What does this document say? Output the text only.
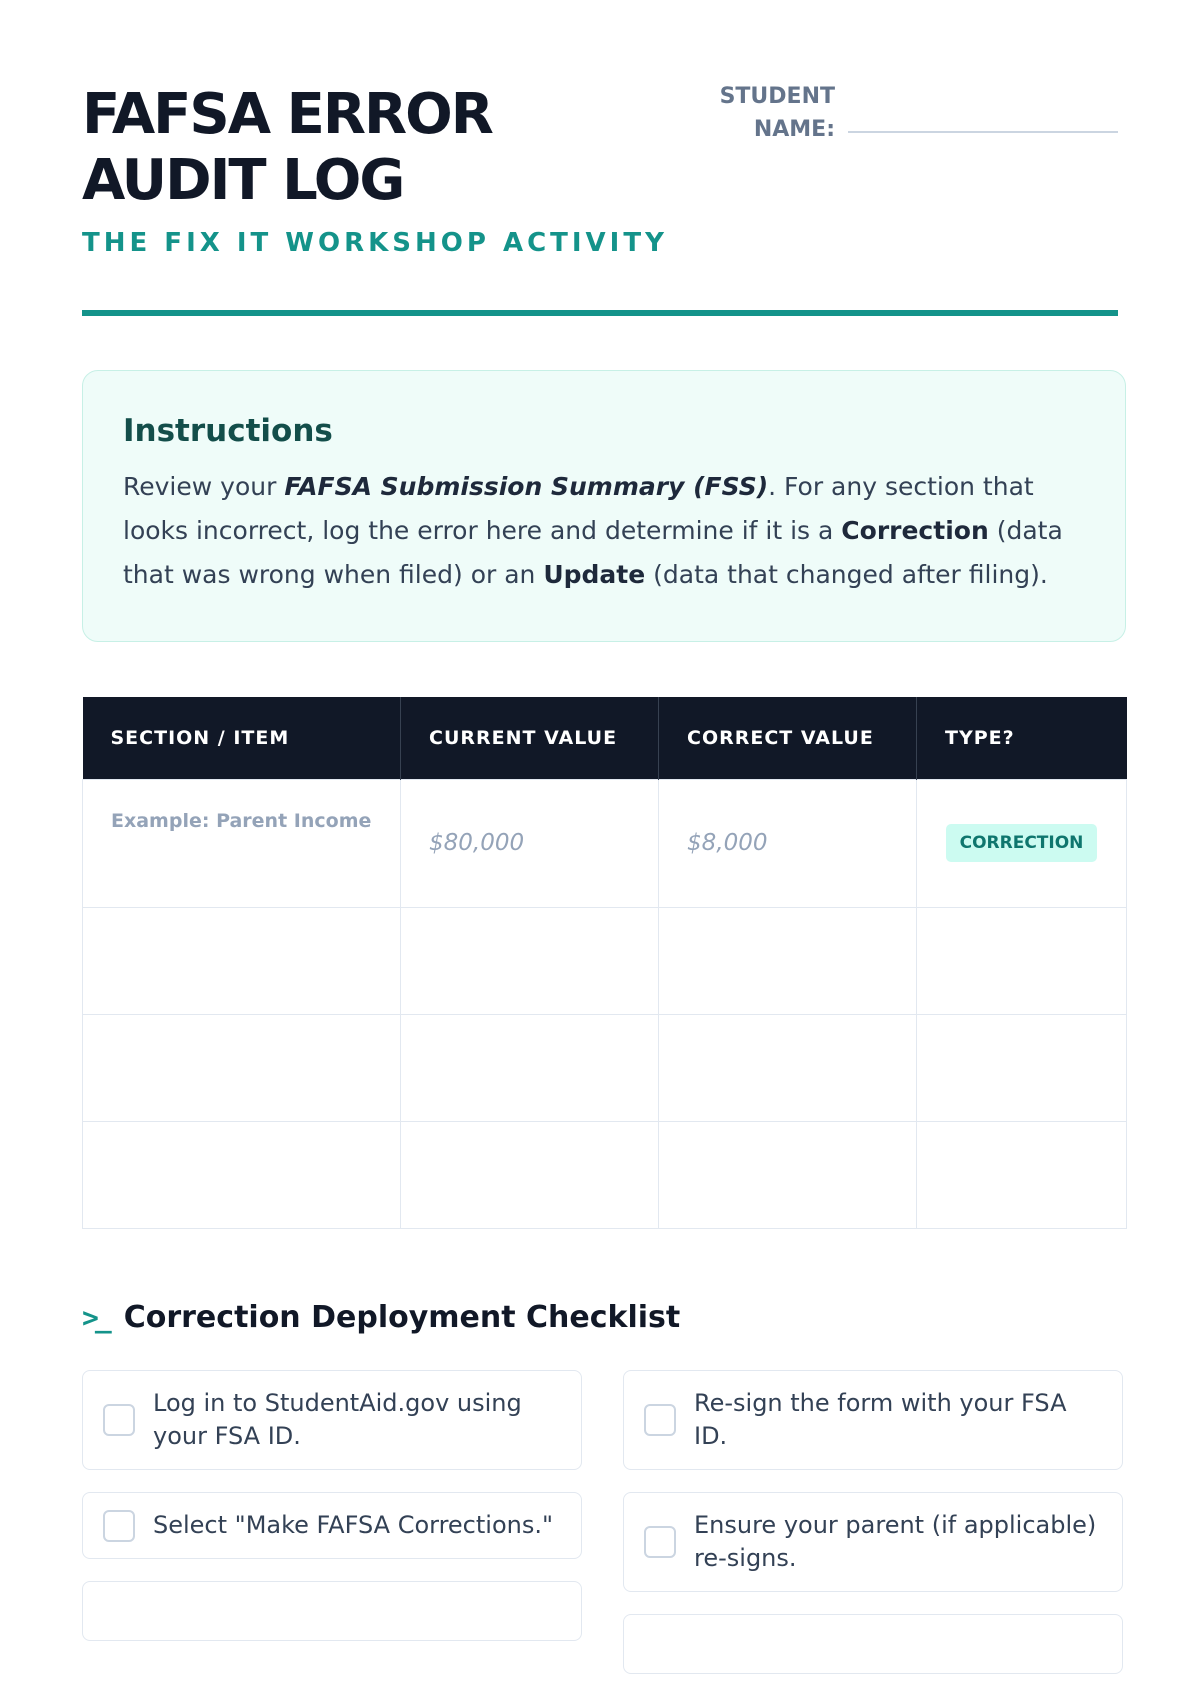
FAFSA ERROR AUDIT LOG
THE FIX IT WORKSHOP ACTIVITY
STUDENT NAME:
Instructions

Review your FAFSA Submission Summary (FSS). For any section that looks incorrect, log the error here and determine if it is a Correction (data that was wrong when filed) or an Update (data that changed after filing).

SECTION / ITEM	CURRENT VALUE	CORRECT VALUE	TYPE?
Example: Parent Income	$80,000	$8,000	CORRECTION

>_ Correction Deployment Checklist
Log in to StudentAid.gov using your FSA ID.
Select "Make FAFSA Corrections."
Re-sign the form with your FSA ID.
Ensure your parent (if applicable) re-signs.
